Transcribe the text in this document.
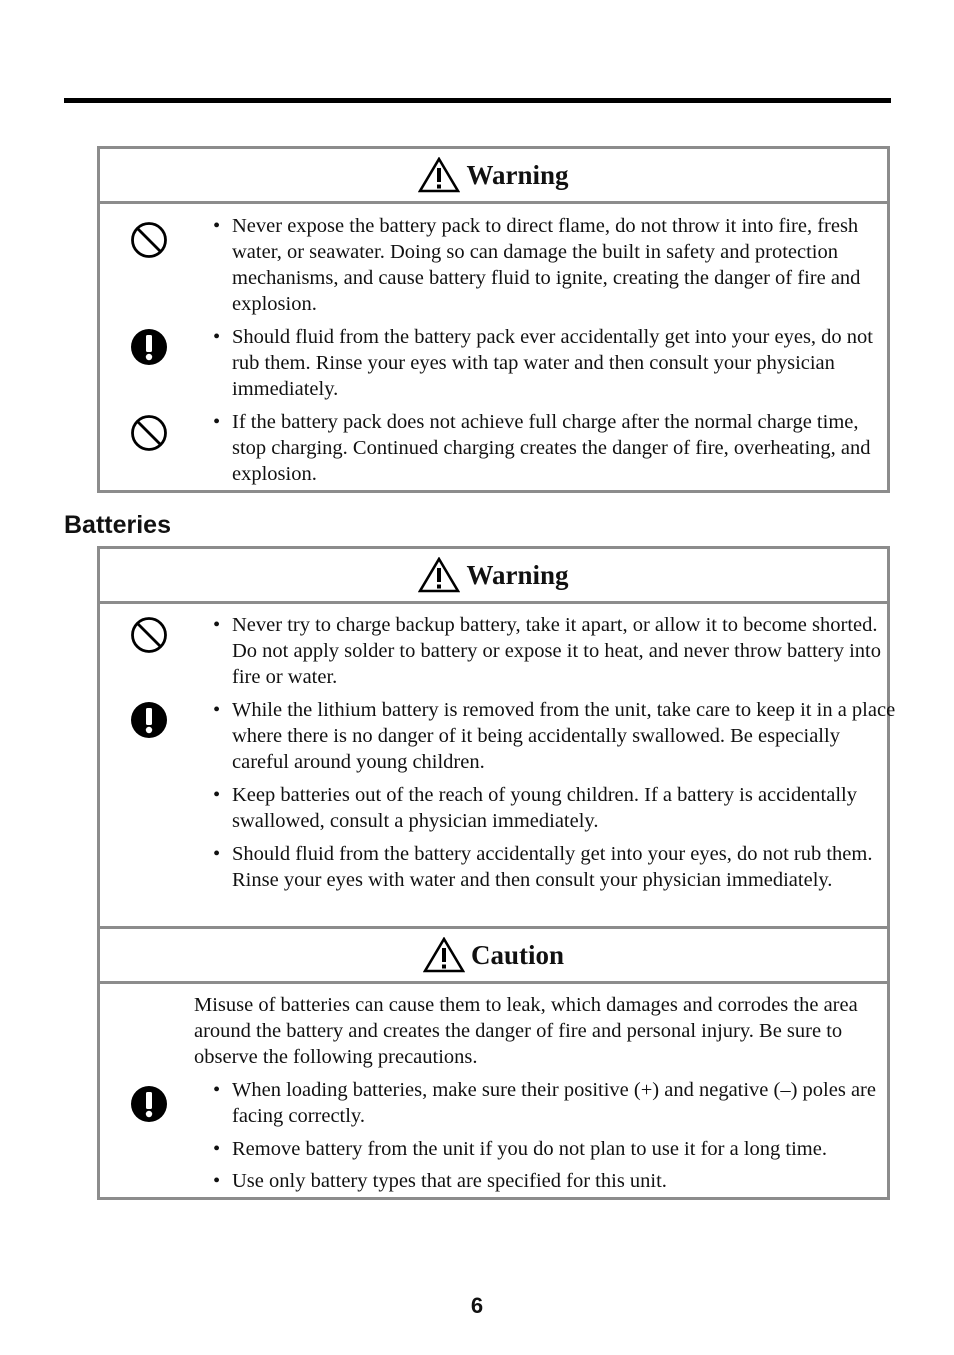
Warning
• Never expose the battery pack to direct flame, do not throw it into fire, fresh water, or seawater. Doing so can damage the built in safety and protection mechanisms, and cause battery fluid to ignite, creating the danger of fire and explosion.
• Should fluid from the battery pack ever accidentally get into your eyes, do not rub them. Rinse your eyes with tap water and then consult your physician immediately.
• If the battery pack does not achieve full charge after the normal charge time, stop charging. Continued charging creates the danger of fire, overheating, and explosion.
Batteries
Warning
• Never try to charge backup battery, take it apart, or allow it to become shorted. Do not apply solder to battery or expose it to heat, and never throw battery into fire or water.
• While the lithium battery is removed from the unit, take care to keep it in a place where there is no danger of it being accidentally swallowed. Be especially careful around young children.
• Keep batteries out of the reach of young children. If a battery is accidentally swallowed, consult a physician immediately.
• Should fluid from the battery accidentally get into your eyes, do not rub them. Rinse your eyes with water and then consult your physician immediately.
Caution
Misuse of batteries can cause them to leak, which damages and corrodes the area around the battery and creates the danger of fire and personal injury. Be sure to observe the following precautions.
• When loading batteries, make sure their positive (+) and negative (–) poles are facing correctly.
• Remove battery from the unit if you do not plan to use it for a long time.
• Use only battery types that are specified for this unit.
6
